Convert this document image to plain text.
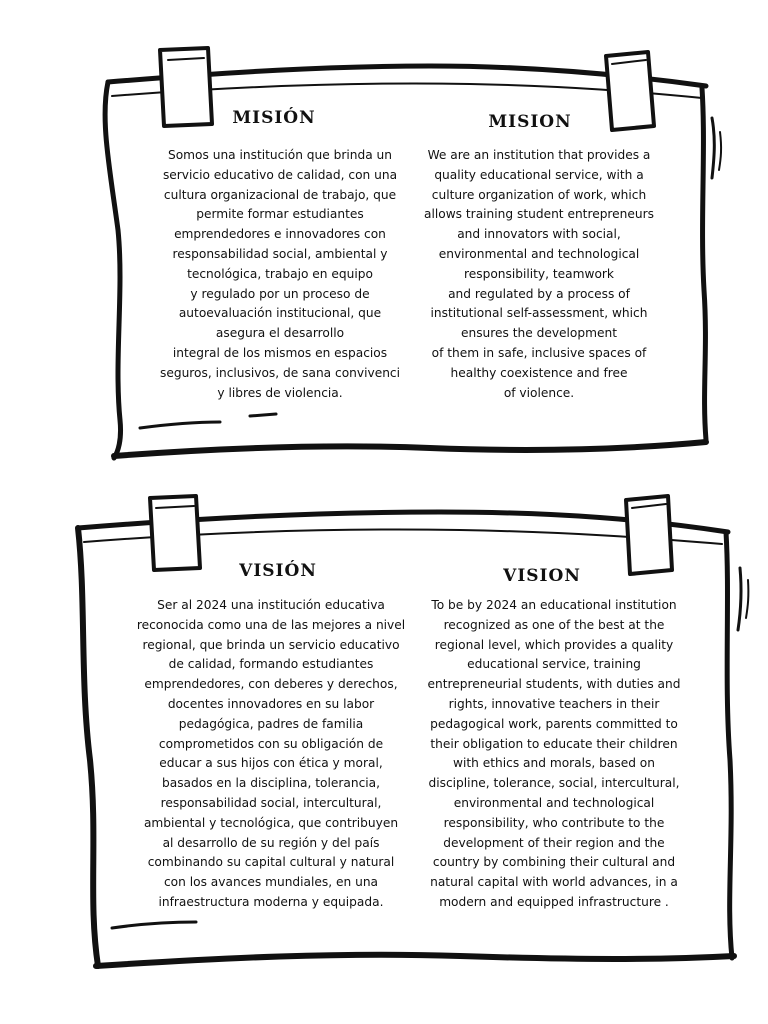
MISIÓN	MISION
Somos una institución que brinda un
servicio educativo de calidad, con una
cultura organizacional de trabajo, que
permite formar estudiantes
emprendedores e innovadores con
responsabilidad social, ambiental y
tecnológica, trabajo en equipo
y regulado por un proceso de
autoevaluación institucional, que
asegura el desarrollo
integral de los mismos en espacios
seguros, inclusivos, de sana convivenci
y libres de violencia.
We are an institution that provides a
quality educational service, with a
culture organization of work, which
allows training student entrepreneurs
and innovators with social,
environmental and technological
responsibility, teamwork
and regulated by a process of
institutional self-assessment, which
ensures the development
of them in safe, inclusive spaces of
healthy coexistence and free
of violence.
VISIÓN	VISION
Ser al 2024 una institución educativa
reconocida como una de las mejores a nivel
regional, que brinda un servicio educativo
de calidad, formando estudiantes
emprendedores, con deberes y derechos,
docentes innovadores en su labor
pedagógica, padres de familia
comprometidos con su obligación de
educar a sus hijos con ética y moral,
basados en la disciplina, tolerancia,
responsabilidad social, intercultural,
ambiental y tecnológica, que contribuyen
al desarrollo de su región y del país
combinando su capital cultural y natural
con los avances mundiales, en una
infraestructura moderna y equipada.
To be by 2024 an educational institution
recognized as one of the best at the
regional level, which provides a quality
educational service, training
entrepreneurial students, with duties and
rights, innovative teachers in their
pedagogical work, parents committed to
their obligation to educate their children
with ethics and morals, based on
discipline, tolerance, social, intercultural,
environmental and technological
responsibility, who contribute to the
development of their region and the
country by combining their cultural and
natural capital with world advances, in a
modern and equipped infrastructure .
